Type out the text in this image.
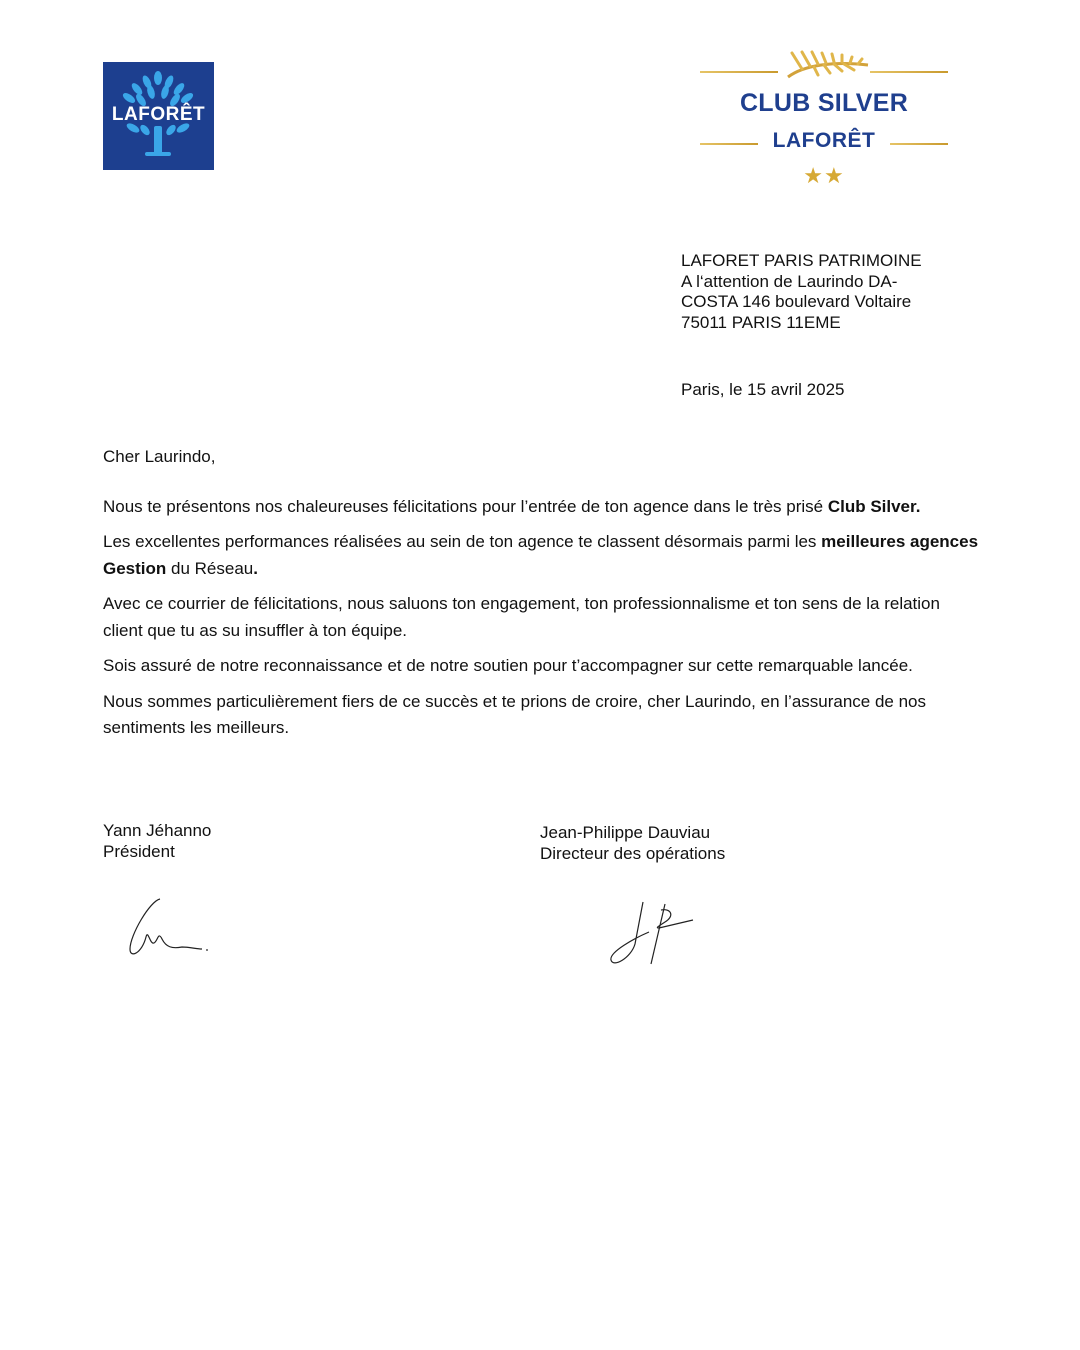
LAFORÊT	CLUB SILVER
LAFORÊT
★★
LAFORET PARIS PATRIMOINE
A l‘attention de Laurindo DA-
COSTA 146 boulevard Voltaire
75011 PARIS 11EME
Paris, le 15 avril 2025
Cher Laurindo,

Nous te présentons nos chaleureuses félicitations pour l’entrée de ton agence dans le très prisé Club Silver.

Les excellentes performances réalisées au sein de ton agence te classent désormais parmi les meilleures agences Gestion du Réseau.

Avec ce courrier de félicitations, nous saluons ton engagement, ton professionnalisme et ton sens de la relation client que tu as su insuffler à ton équipe.

Sois assuré de notre reconnaissance et de notre soutien pour t’accompagner sur cette remarquable lancée.

Nous sommes particulièrement fiers de ce succès et te prions de croire, cher Laurindo, en l’assurance de nos sentiments les meilleurs.

Yann Jéhanno
Président
Jean-Philippe Dauviau
Directeur des opérations
